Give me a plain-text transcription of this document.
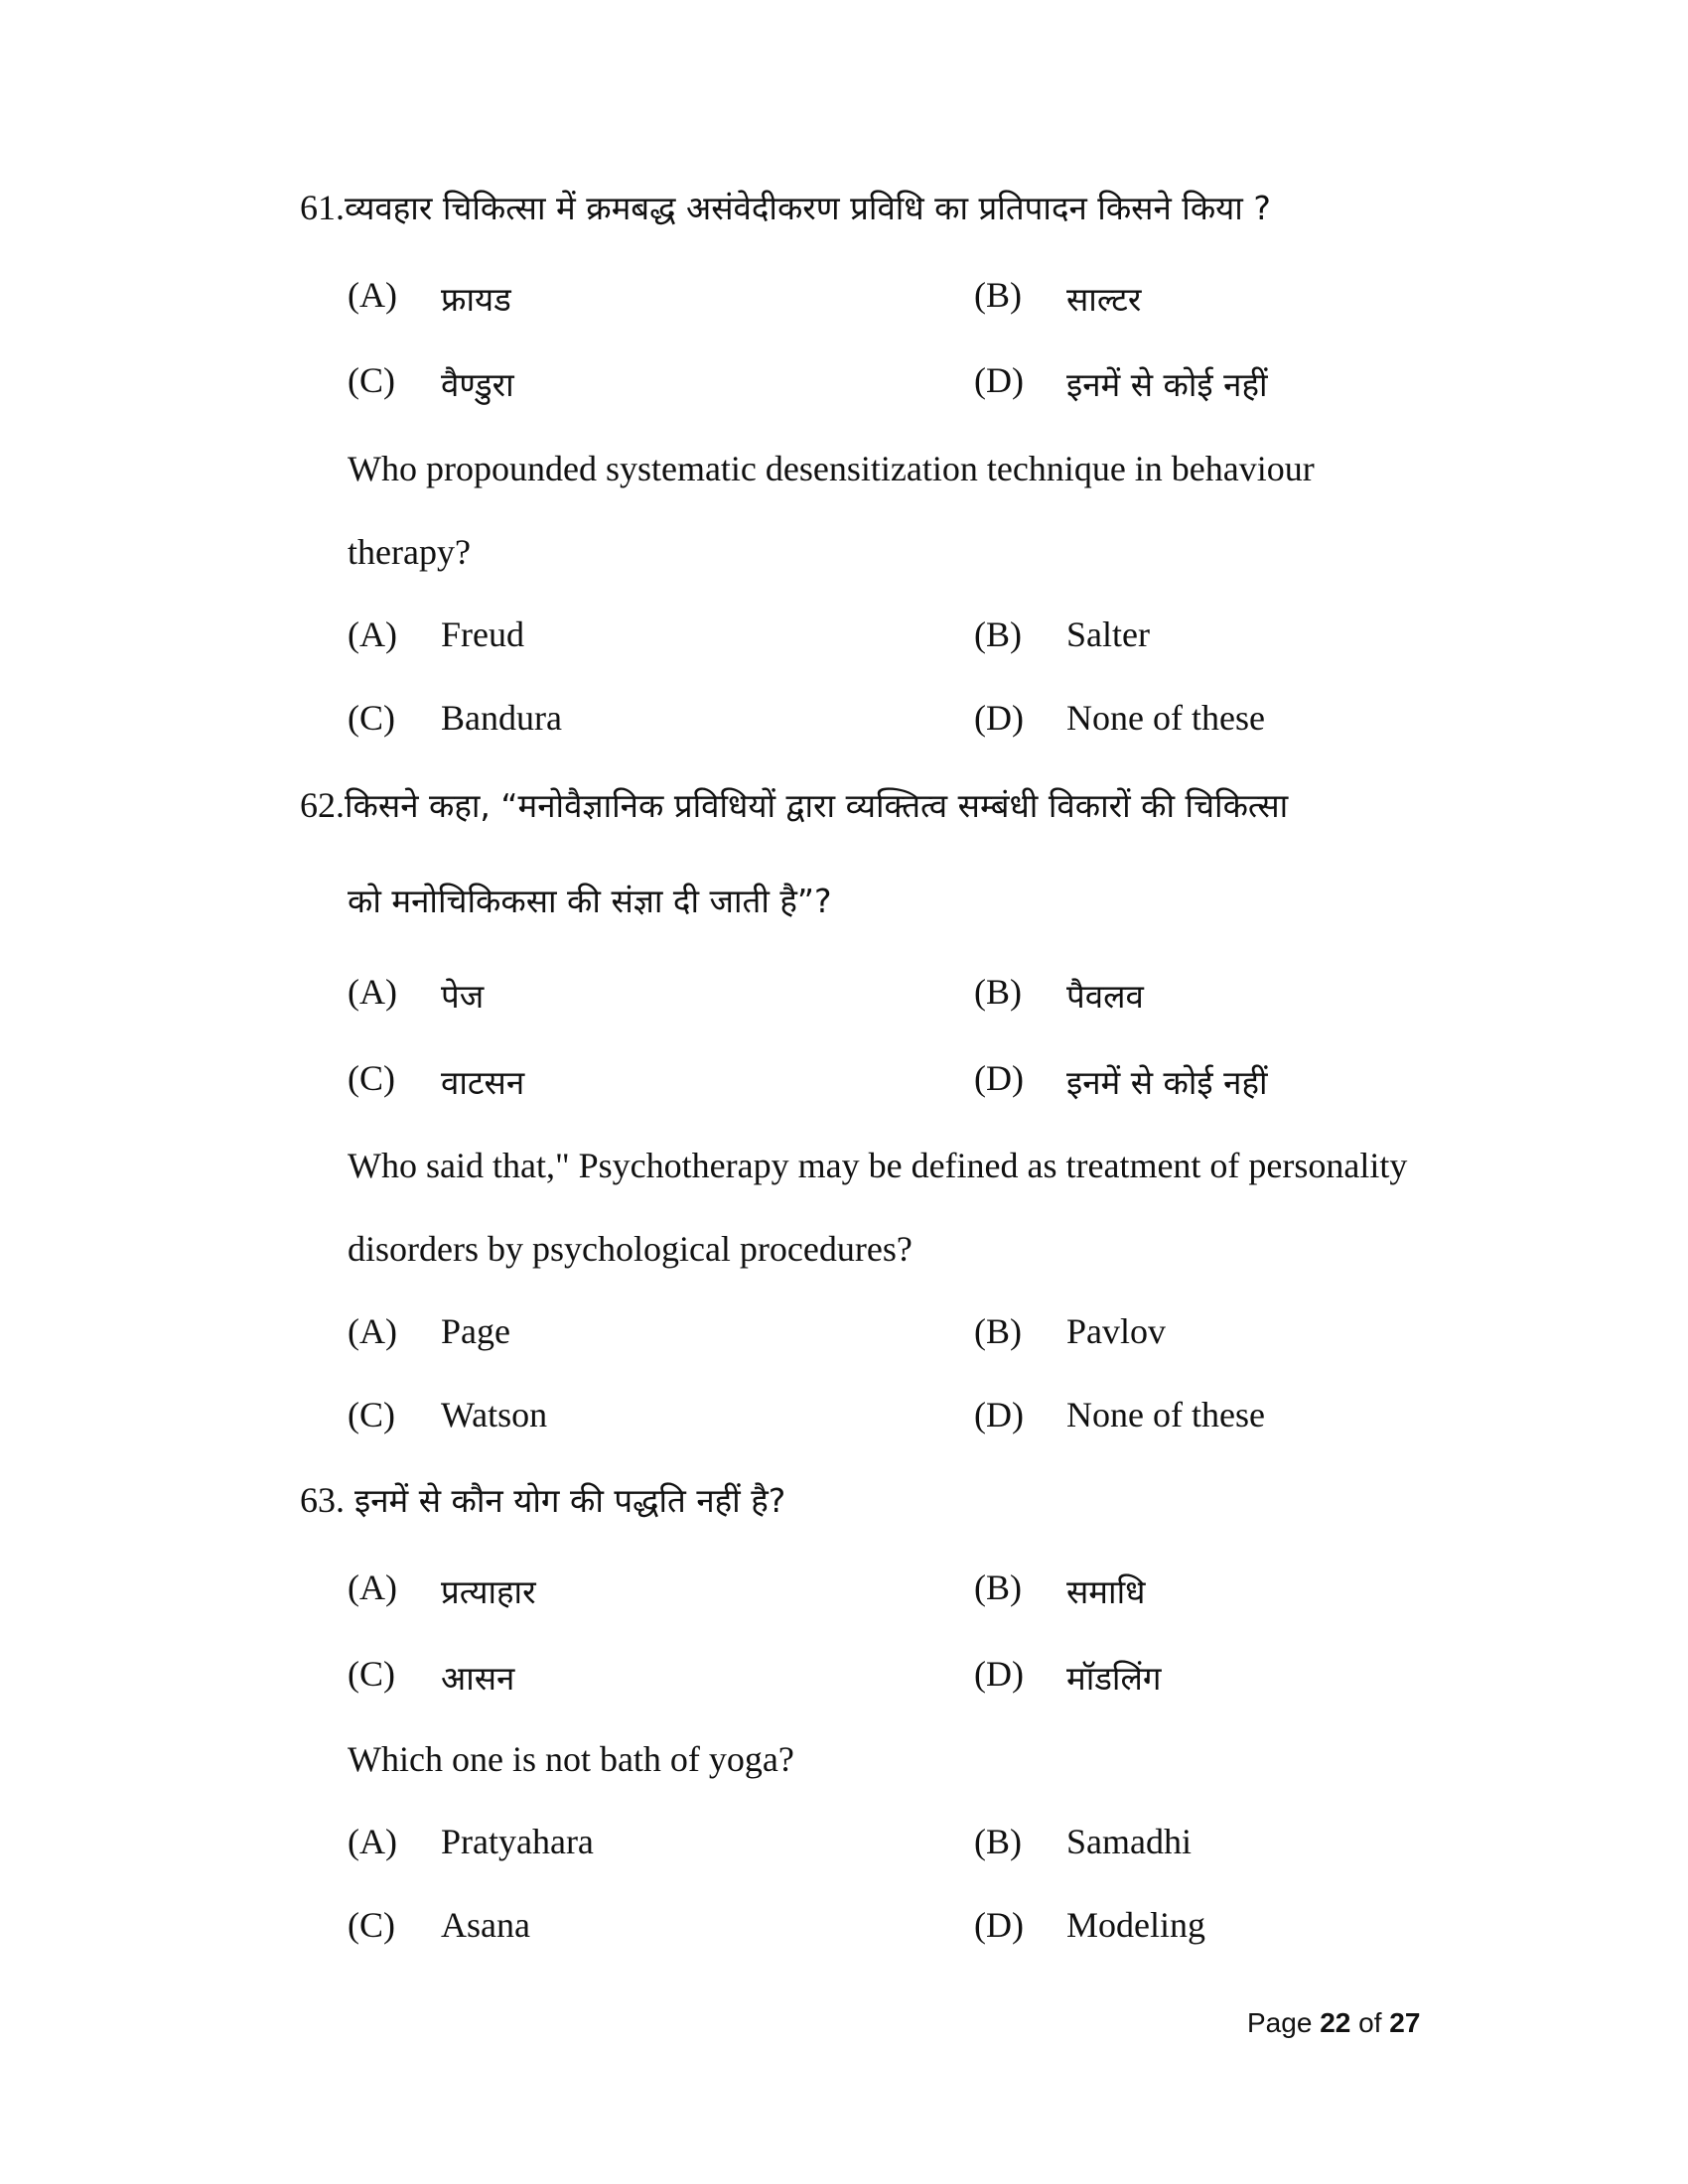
61.व्यवहार चिकित्सा में क्रमबद्ध असंवेदीकरण प्रविधि का प्रतिपादन किसने किया ?
(A) फ्रायड	(B) साल्टर
(C) वैण्डुरा	(D) इनमें से कोई नहीं
Who propounded systematic desensitization technique in behaviour
therapy?
(A) Freud	(B) Salter
(C) Bandura	(D) None of these
62.किसने कहा, “मनोवैज्ञानिक प्रविधियों द्वारा व्यक्तित्व सम्बंधी विकारों की चिकित्सा
को मनोचिकिकसा की संज्ञा दी जाती है”?
(A) पेज	(B) पैवलव
(C) वाटसन	(D) इनमें से कोई नहीं
Who said that," Psychotherapy may be defined as treatment of personality
disorders by psychological procedures?
(A) Page	(B) Pavlov
(C) Watson	(D) None of these
63. इनमें से कौन योग की पद्धति नहीं है?
(A) प्रत्याहार	(B) समाधि
(C) आसन	(D) मॉडलिंग
Which one is not bath of yoga?
(A) Pratyahara	(B) Samadhi
(C) Asana	(D) Modeling
Page 22 of 27
